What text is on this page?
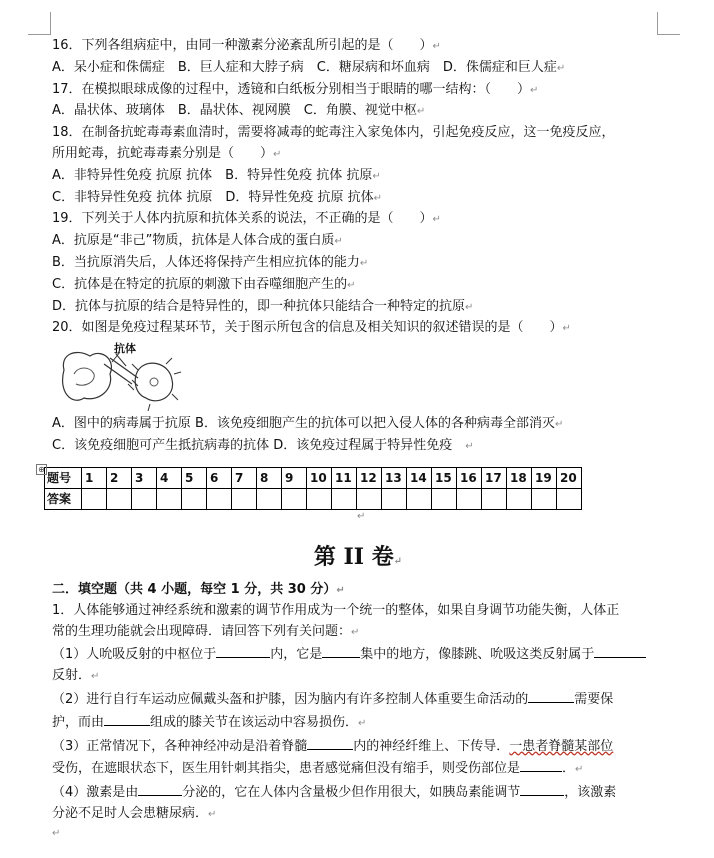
16．下列各组病症中，由同一种激素分泌紊乱所引起的是（　　）↵
A．呆小症和侏儒症　B．巨人症和大脖子病　C．糖尿病和坏血病　D．侏儒症和巨人症↵
17．在模拟眼球成像的过程中，透镜和白纸板分别相当于眼睛的哪一结构：（　　）↵
A．晶状体、玻璃体　B．晶状体、视网膜　C．角膜、视觉中枢↵
18．在制备抗蛇毒毒素血清时，需要将减毒的蛇毒注入家兔体内，引起免疫反应，这一免疫反应，
所用蛇毒，抗蛇毒毒素分别是（　　）↵
A．非特异性免疫 抗原 抗体　B．特异性免疫 抗体 抗原↵
C．非特异性免疫 抗体 抗原　D．特异性免疫 抗原 抗体↵
19．下列关于人体内抗原和抗体关系的说法，不正确的是（　　）↵
A．抗原是“非己”物质，抗体是人体合成的蛋白质↵
B．当抗原消失后，人体还将保持产生相应抗体的能力↵
C．抗体是在特定的抗原的刺激下由吞噬细胞产生的↵
D．抗体与抗原的结合是特异性的，即一种抗体只能结合一种特定的抗原↵
20．如图是免疫过程某环节，关于图示所包含的信息及相关知识的叙述错误的是（　　）↵
抗体
A．图中的病毒属于抗原 B．该免疫细胞产生的抗体可以把入侵人体的各种病毒全部消灭↵
C．该免疫细胞可产生抵抗病毒的抗体 D．该免疫过程属于特异性免疫　 ↵
⊕
题号	1	2	3	4	5	6	7	8	9	10	11	12	13	14	15	16	17	18	19	20
答案																				
↵
第 II 卷↵
二．填空题（共 4 小题，每空 1 分，共 30 分）↵
1．人体能够通过神经系统和激素的调节作用成为一个统一的整体，如果自身调节功能失衡，人体正
常的生理功能就会出现障碍．请回答下列有关问题：↵
（1）人吮吸反射的中枢位于	内，它是	集中的地方，像膝跳、吮吸这类反射属于
反射．↵
（2）进行自行车运动应佩戴头盔和护膝，因为脑内有许多控制人体重要生命活动的	需要保
护，而由	组成的膝关节在该运动中容易损伤．↵
（3）正常情况下，各种神经冲动是沿着脊髓	内的神经纤维上、下传导．一患者脊髓某部位
受伤，在遮眼状态下，医生用针刺其指尖，患者感觉痛但没有缩手，则受伤部位是	．↵
（4）激素是由	分泌的，它在人体内含量极少但作用很大，如胰岛素能调节	，该激素
分泌不足时人会患糖尿病．↵
↵
